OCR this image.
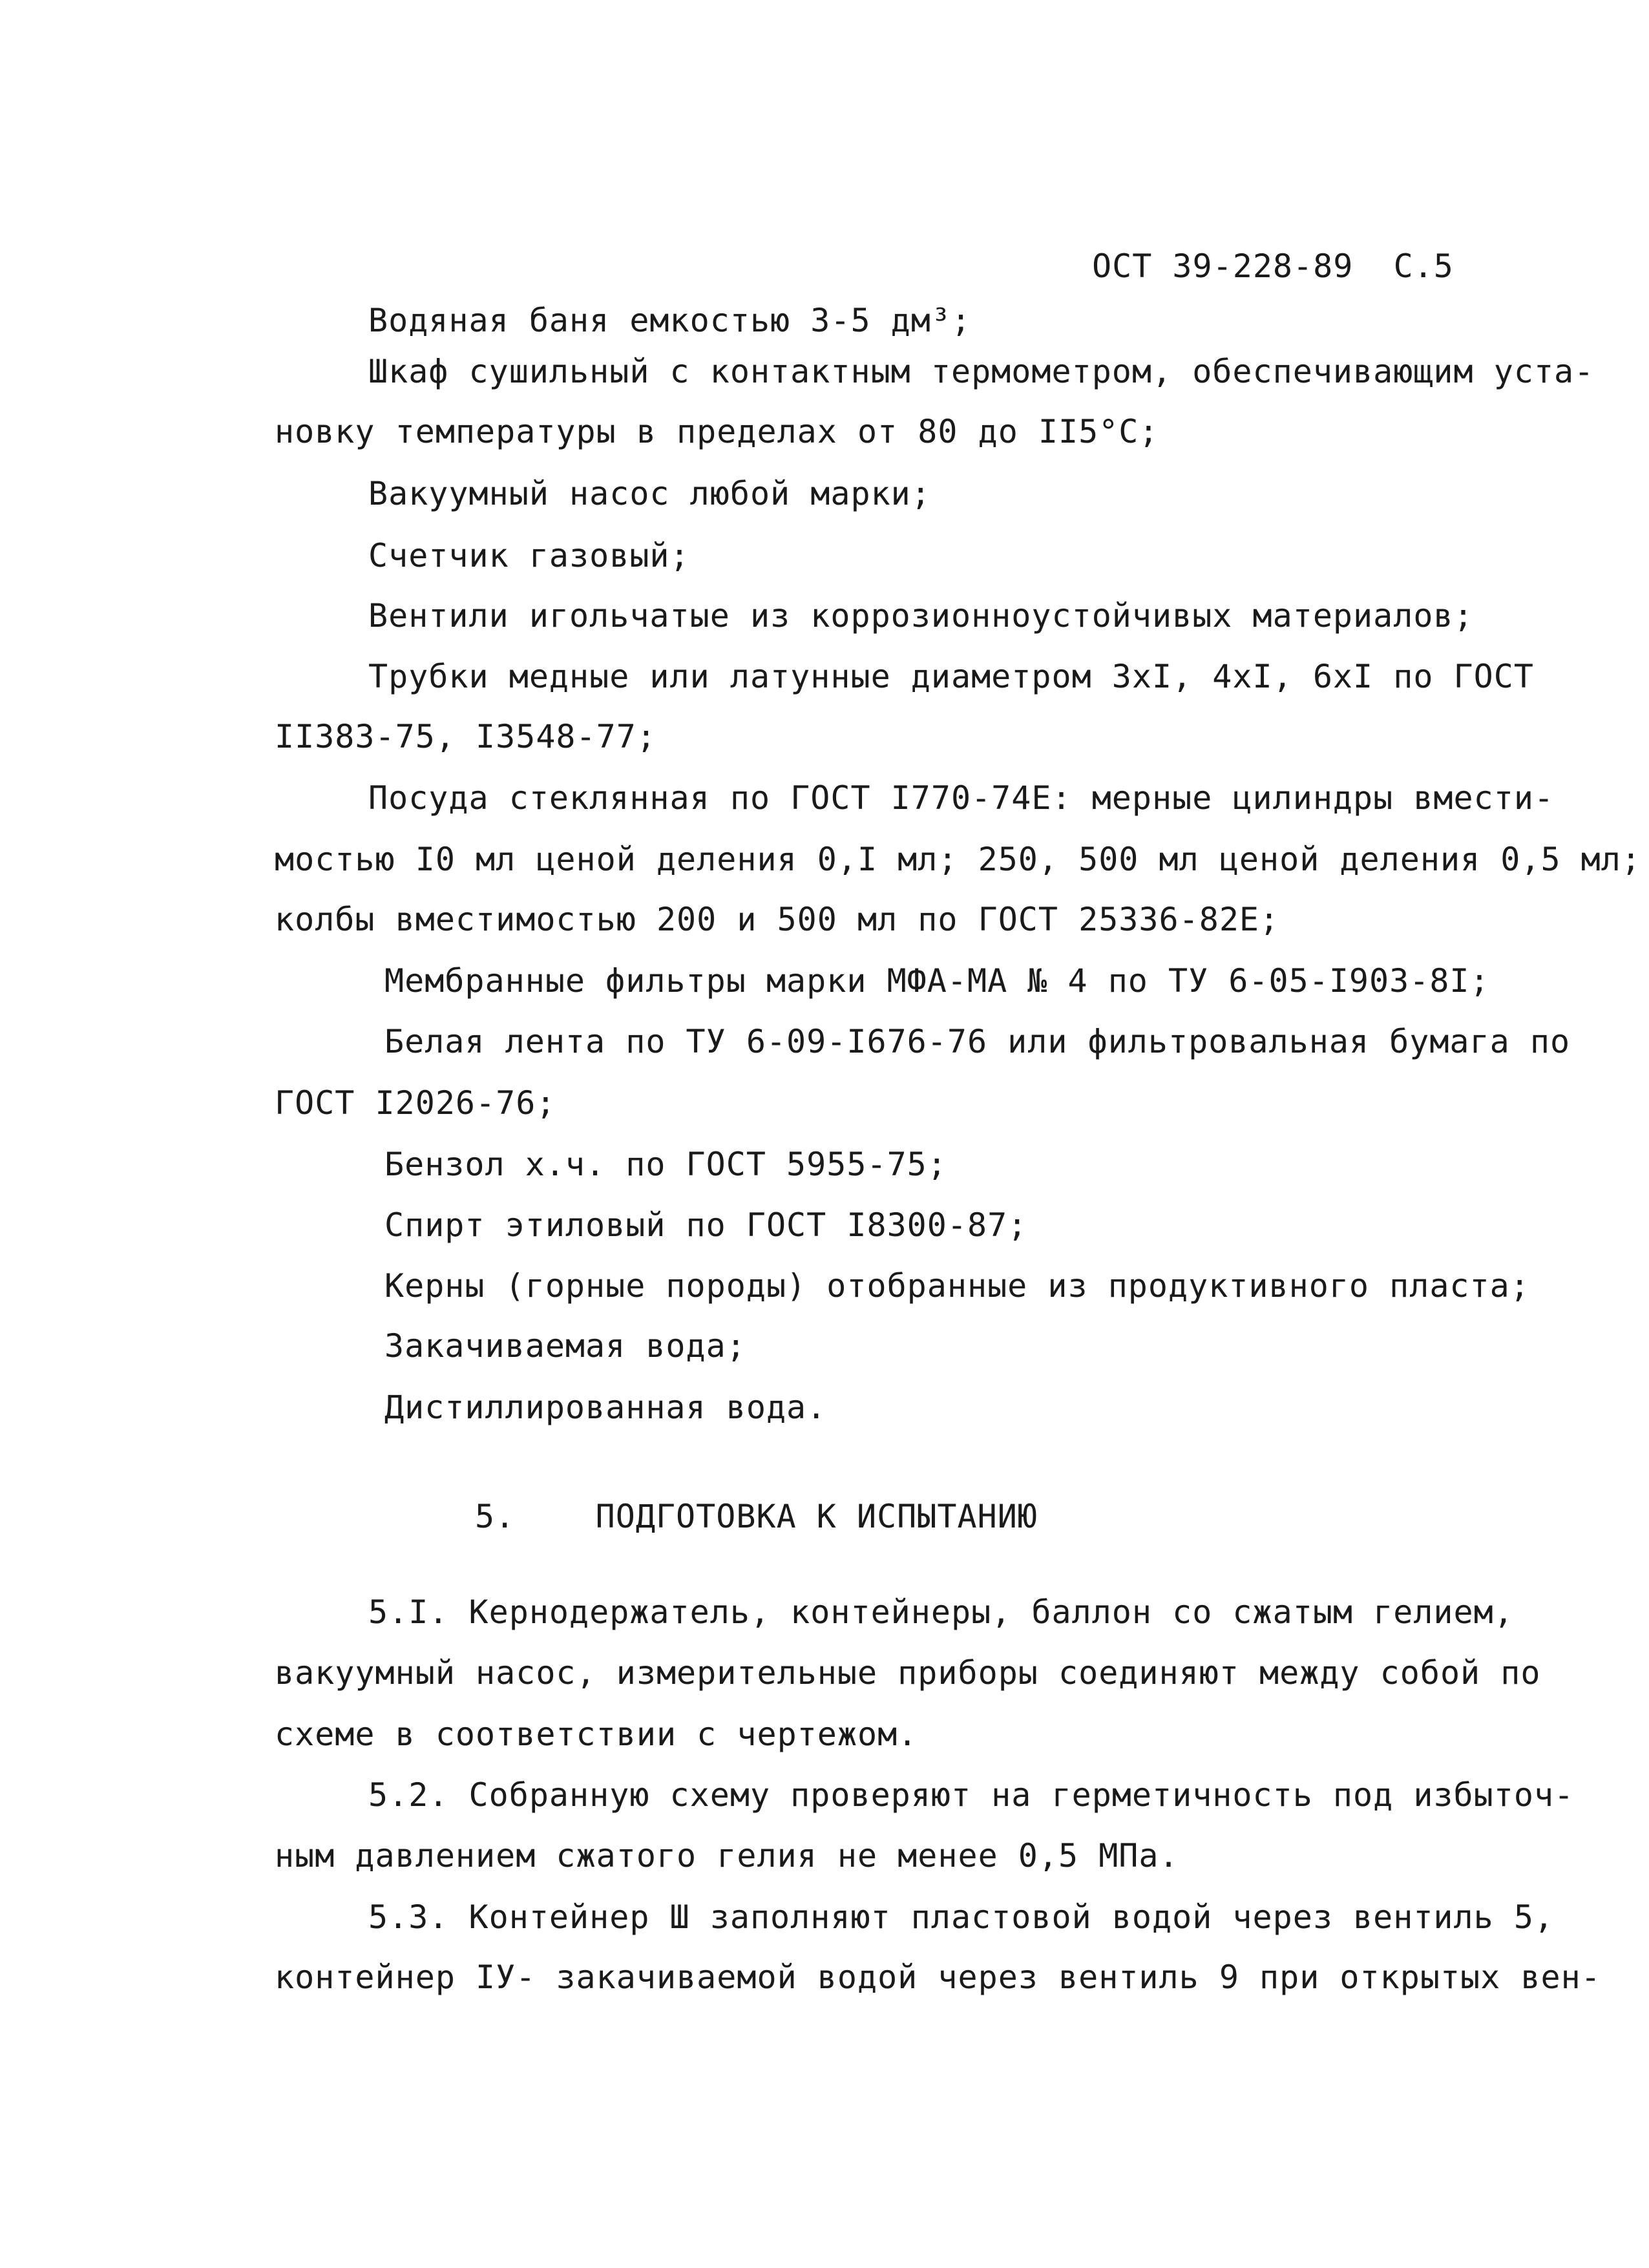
ОСТ 39-228-89 С.5
Водяная баня емкостью 3-5 дм³;
Шкаф сушильный с контактным термометром, обеспечивающим уста-
новку температуры в пределах от 80 до II5°С;
Вакуумный насос любой марки;
Счетчик газовый;
Вентили игольчатые из коррозионноустойчивых материалов;
Трубки медные или латунные диаметром 3хI, 4хI, 6хI по ГОСТ
II383-75, I3548-77;
Посуда стеклянная по ГОСТ I770-74Е: мерные цилиндры вмести-
мостью I0 мл ценой деления 0,I мл; 250, 500 мл ценой деления 0,5 мл;
колбы вместимостью 200 и 500 мл по ГОСТ 25336-82Е;
Мембранные фильтры марки МФА-МА № 4 по ТУ 6-05-I903-8I;
Белая лента по ТУ 6-09-I676-76 или фильтровальная бумага по
ГОСТ I2026-76;
Бензол х.ч. по ГОСТ 5955-75;
Спирт этиловый по ГОСТ I8300-87;
Керны (горные породы) отобранные из продуктивного пласта;
Закачиваемая вода;
Дистиллированная вода.
5. ПОДГОТОВКА К ИСПЫТАНИЮ
5.I. Кернодержатель, контейнеры, баллон со сжатым гелием,
вакуумный насос, измерительные приборы соединяют между собой по
схеме в соответствии с чертежом.
5.2. Собранную схему проверяют на герметичность под избыточ-
ным давлением сжатого гелия не менее 0,5 МПа.
5.3. Контейнер Ш заполняют пластовой водой через вентиль 5,
контейнер IУ- закачиваемой водой через вентиль 9 при открытых вен-
